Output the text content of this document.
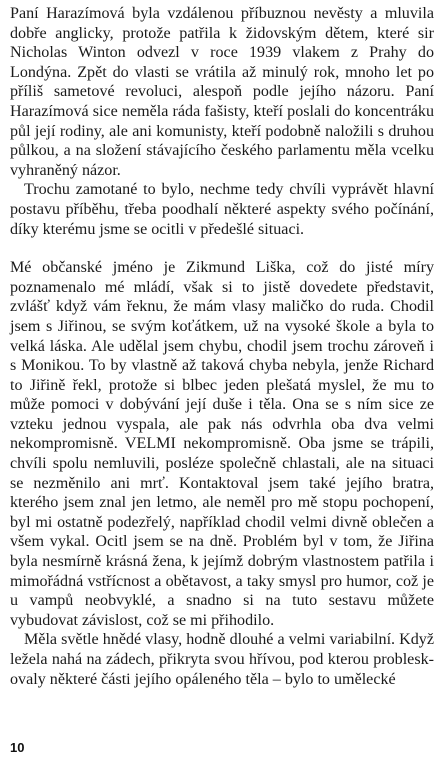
Paní Harazímová byla vzdálenou příbuznou nevěsty a mluvila dobře anglicky, protože patřila k židovským dětem, které sir Nicholas Winton odvezl v roce 1939 vlakem z Prahy do Londýna. Zpět do vlasti se vrátila až minulý rok, mnoho let po příliš sametové revoluci, alespoň podle jejího názoru. Paní Harazímová sice neměla ráda fašisty, kteří poslali do koncentráku půl její rodiny, ale ani komunisty, kteří podobně naložili s druhou půlkou, a na složení stávajícího českého parlamentu měla vcelku vyhraněný názor.

Trochu zamotané to bylo, nechme tedy chvíli vyprávět hlavní postavu příběhu, třeba poodhalí některé aspekty svého počínání, díky kterému jsme se ocitli v předešlé situaci.

Mé občanské jméno je Zikmund Liška, což do jisté míry poznamenalo mé mládí, však si to jistě dovedete představit, zvlášť když vám řeknu, že mám vlasy maličko do ruda. Chodil jsem s Jiřinou, se svým koťátkem, už na vysoké škole a byla to velká láska. Ale udělal jsem chybu, chodil jsem trochu zároveň i s Monikou. To by vlastně až taková chyba nebyla, jenže Richard to Jiřině řekl, protože si blbec jeden plešatá myslel, že mu to může pomoci v dobývání její duše i těla. Ona se s ním sice ze vzteku jednou vyspala, ale pak nás odvrhla oba dva velmi nekompromisně. VELMI nekompromisně. Oba jsme se trápili, chvíli spolu nemluvili, posléze společně chlastali, ale na situaci se nezměnilo ani mrť. Kontaktoval jsem také jejího bratra, kterého jsem znal jen letmo, ale neměl pro mě stopu pochopení, byl mi ostatně podezřelý, například chodil velmi divně oblečen a všem vykal. Ocitl jsem se na dně. Problém byl v tom, že Jiřina byla nesmírně krásná žena, k jejímž dobrým vlastnostem patřila i mimořádná vstřícnost a obětavost, a taky smysl pro humor, což je u vampů neobvyklé, a snadno si na tuto sestavu můžete vybudovat závislost, což se mi přihodilo.

Měla světle hnědé vlasy, hodně dlouhé a velmi variabilní. Když ležela nahá na zádech, přikryta svou hřívou, pod kterou probleskovaly některé části jejího opáleného těla – bylo to umělecké

10
